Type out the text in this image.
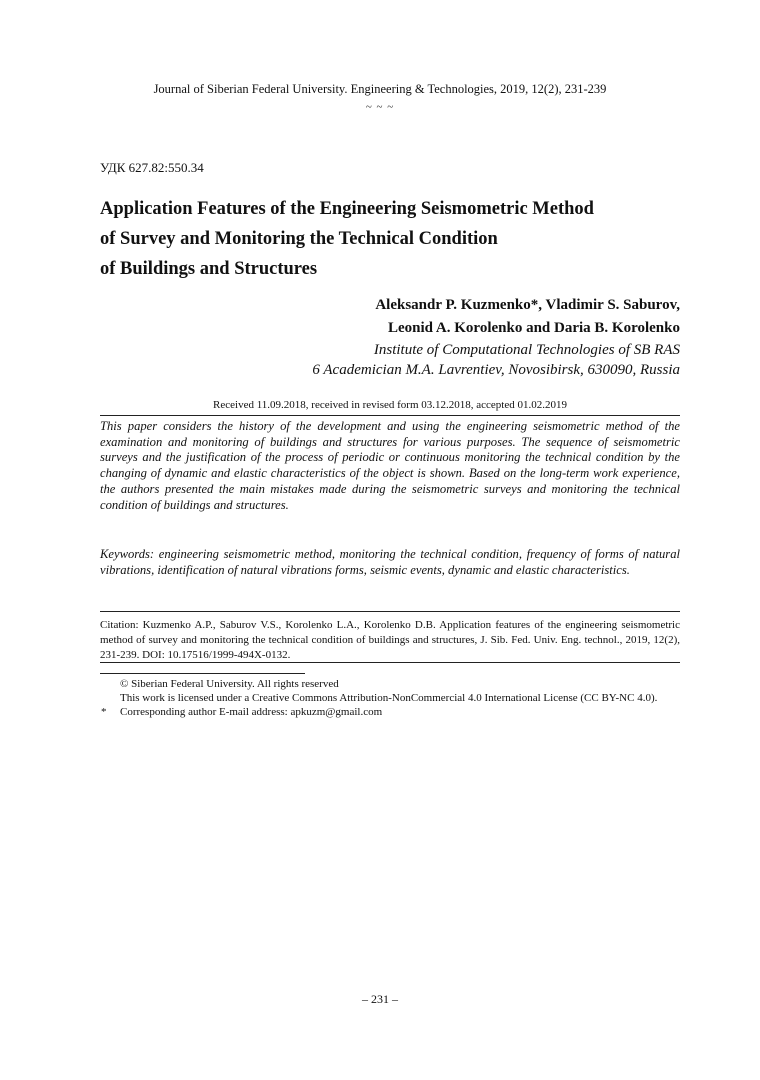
Journal of Siberian Federal University. Engineering & Technologies, 2019, 12(2), 231-239
~ ~ ~
УДК 627.82:550.34
Application Features of the Engineering Seismometric Method
of Survey and Monitoring the Technical Condition
of Buildings and Structures
Aleksandr P. Kuzmenko*, Vladimir S. Saburov,
Leonid A. Korolenko and Daria B. Korolenko
Institute of Computational Technologies of SB RAS
6 Academician M.A. Lavrentiev, Novosibirsk, 630090, Russia
Received 11.09.2018, received in revised form 03.12.2018, accepted 01.02.2019
This paper considers the history of the development and using the engineering seismometric method of the examination and monitoring of buildings and structures for various purposes. The sequence of seismometric surveys and the justification of the process of periodic or continuous monitoring the technical condition by the changing of dynamic and elastic characteristics of the object is shown. Based on the long-term work experience, the authors presented the main mistakes made during the seismometric surveys and monitoring the technical condition of buildings and structures.
Keywords: engineering seismometric method, monitoring the technical condition, frequency of forms of natural vibrations, identification of natural vibrations forms, seismic events, dynamic and elastic characteristics.
Citation: Kuzmenko A.P., Saburov V.S., Korolenko L.A., Korolenko D.B. Application features of the engineering seismometric method of survey and monitoring the technical condition of buildings and structures, J. Sib. Fed. Univ. Eng. technol., 2019, 12(2), 231-239. DOI: 10.17516/1999-494X-0132.
© Siberian Federal University. All rights reserved
This work is licensed under a Creative Commons Attribution-NonCommercial 4.0 International License (CC BY-NC 4.0).
* Corresponding author E-mail address: apkuzm@gmail.com
– 231 –
